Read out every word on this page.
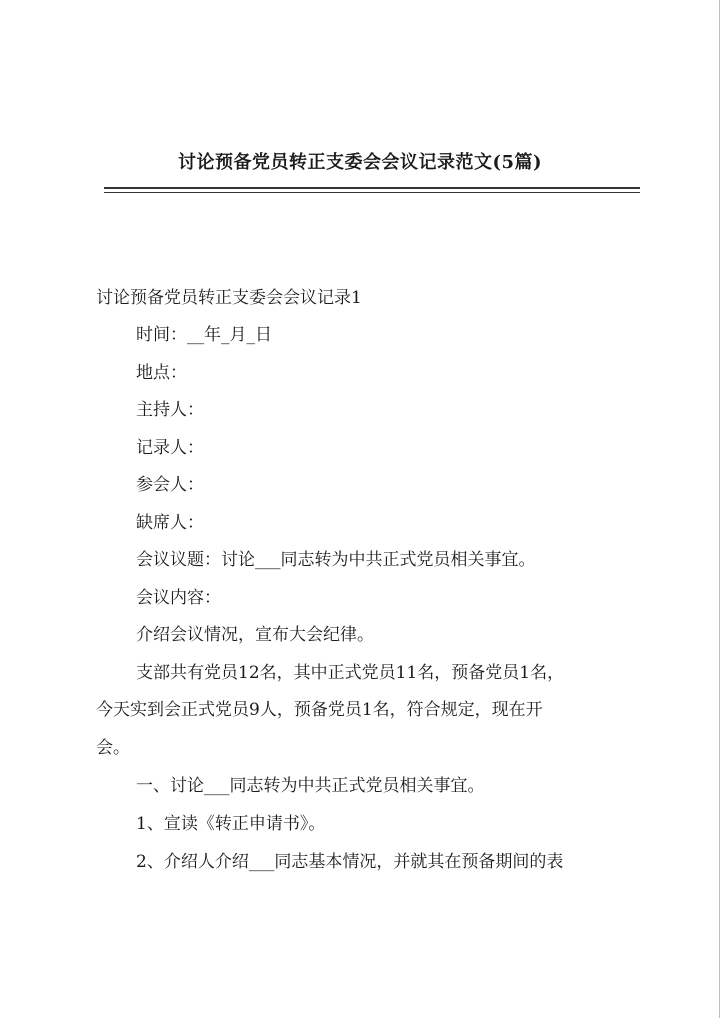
讨论预备党员转正支委会会议记录范文(5篇)
讨论预备党员转正支委会会议记录1
时间：__年_月_日
地点：
主持人：
记录人：
参会人：
缺席人：
会议议题：讨论___同志转为中共正式党员相关事宜。
会议内容：
介绍会议情况，宣布大会纪律。
支部共有党员12名，其中正式党员11名，预备党员1名，
今天实到会正式党员9人，预备党员1名，符合规定，现在开
会。
一、讨论___同志转为中共正式党员相关事宜。
1、宣读《转正申请书》。
2、介绍人介绍___同志基本情况，并就其在预备期间的表
